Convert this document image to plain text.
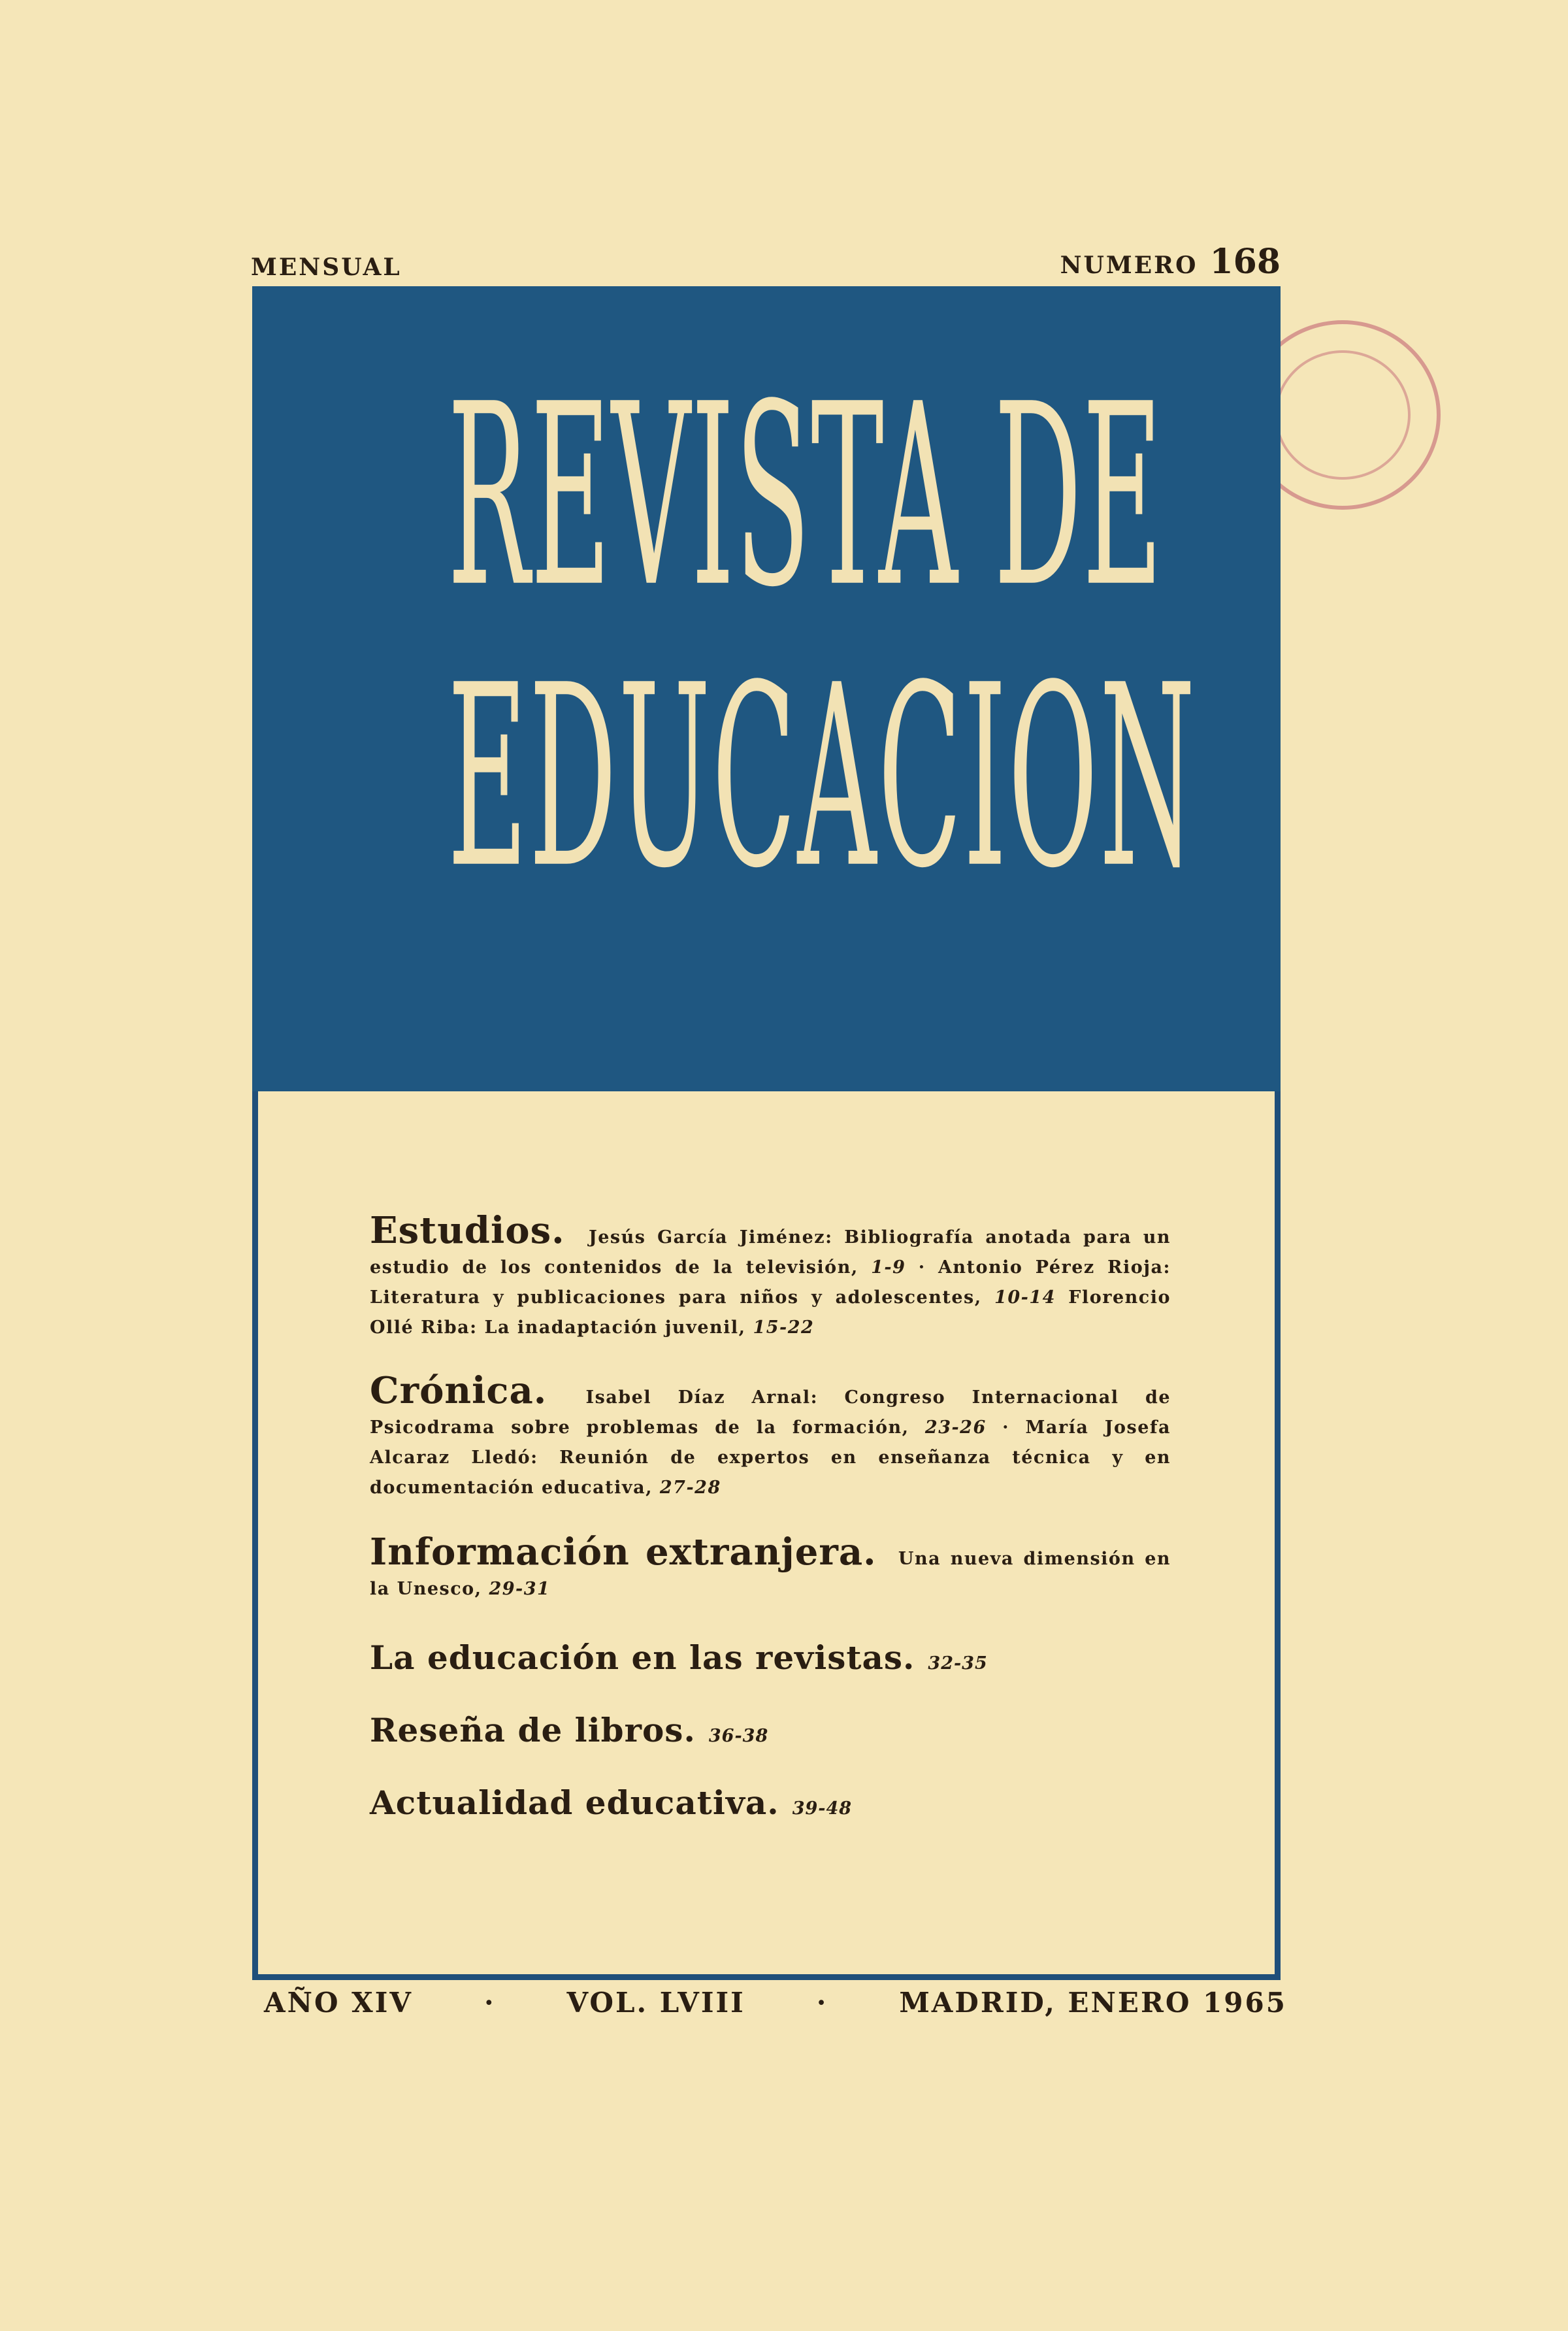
MENSUAL	NUMERO 168
REVISTA DE
EDUCACION
Estudios. Jesús García Jiménez: Bibliografía anotada para un estudio de los contenidos de la televisión, 1-9 · Antonio Pérez Rioja: Literatura y publicaciones para niños y adolescentes, 10-14 Florencio Ollé Riba: La inadaptación juvenil, 15-22
Crónica. Isabel Díaz Arnal: Congreso Internacional de Psicodrama sobre problemas de la formación, 23-26 · María Josefa Alcaraz Lledó: Reunión de expertos en enseñanza técnica y en documentación educativa, 27-28
Información extranjera. Una nueva dimensión en la Unesco, 29-31
La educación en las revistas. 32-35
Reseña de libros. 36-38
Actualidad educativa. 39-48
AÑO XIV	·	VOL. LVIII	·	MADRID, ENERO 1965
